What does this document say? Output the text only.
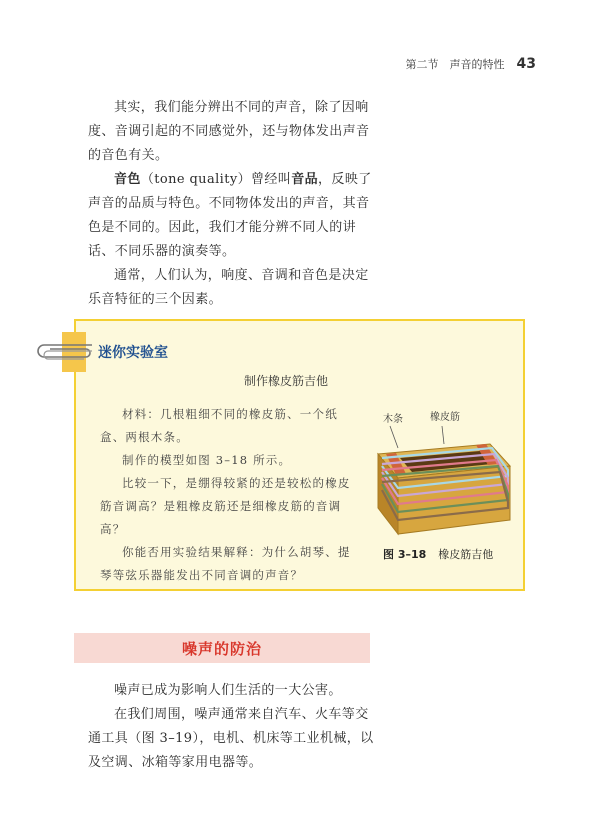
第二节　声音的特性 43

其实，我们能分辨出不同的声音，除了因响度、音调引起的不同感觉外，还与物体发出声音的音色有关。

音色（tone quality）曾经叫音品，反映了声音的品质与特色。不同物体发出的声音，其音色是不同的。因此，我们才能分辨不同人的讲话、不同乐器的演奏等。

通常，人们认为，响度、音调和音色是决定乐音特征的三个因素。

迷你实验室
制作橡皮筋吉他

材料：几根粗细不同的橡皮筋、一个纸盒、两根木条。

制作的模型如图 3–18 所示。

比较一下，是绷得较紧的还是较松的橡皮筋音调高？是粗橡皮筋还是细橡皮筋的音调高？

你能否用实验结果解释：为什么胡琴、提琴等弦乐器能发出不同音调的声音？

木条	橡皮筋
图 3–18 橡皮筋吉他
噪声的防治

噪声已成为影响人们生活的一大公害。

在我们周围，噪声通常来自汽车、火车等交通工具（图 3–19），电机、机床等工业机械，以及空调、冰箱等家用电器等。
